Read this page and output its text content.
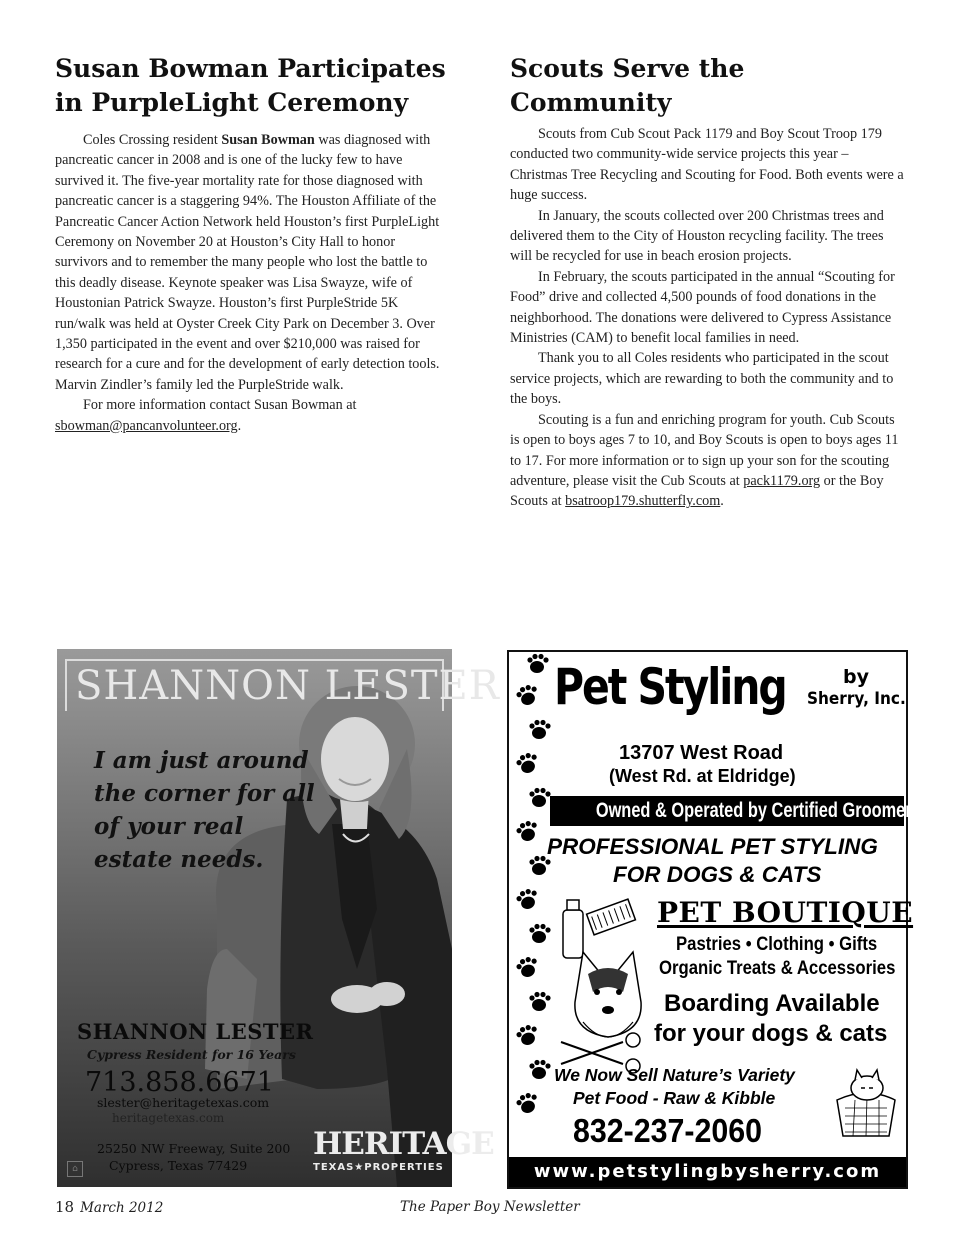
Susan Bowman Participates in PurpleLight Ceremony

Coles Crossing resident Susan Bowman was diagnosed with pancreatic cancer in 2008 and is one of the lucky few to have survived it. The five-year mortality rate for those diagnosed with pancreatic cancer is a staggering 94%. The Houston Affiliate of the Pancreatic Cancer Action Network held Houston’s first PurpleLight Ceremony on November 20 at Houston’s City Hall to honor survivors and to remember the many people who lost the battle to this deadly disease. Keynote speaker was Lisa Swayze, wife of Houstonian Patrick Swayze. Houston’s first PurpleStride 5K run/walk was held at Oyster Creek City Park on December 3. Over 1,350 participated in the event and over $210,000 was raised for research for a cure and for the development of early detection tools. Marvin Zindler’s family led the PurpleStride walk.

For more information contact Susan Bowman at sbowman@pancanvolunteer.org.

Scouts Serve the Community

Scouts from Cub Scout Pack 1179 and Boy Scout Troop 179 conducted two community-wide service projects this year – Christmas Tree Recycling and Scouting for Food. Both events were a huge success.

In January, the scouts collected over 200 Christmas trees and delivered them to the City of Houston recycling facility. The trees will be recycled for use in beach erosion projects.

In February, the scouts participated in the annual “Scouting for Food” drive and collected 4,500 pounds of food donations in the neighborhood. The donations were delivered to Cypress Assistance Ministries (CAM) to benefit local families in need.

Thank you to all Coles residents who participated in the scout service projects, which are rewarding to both the community and to the boys.

Scouting is a fun and enriching program for youth. Cub Scouts is open to boys ages 7 to 10, and Boy Scouts is open to boys ages 11 to 17. For more information or to sign up your son for the scouting adventure, please visit the Cub Scouts at pack1179.org or the Boy Scouts at bsatroop179.shutterfly.com.

SHANNON LESTER
I am just around the corner for all of your real estate needs.
SHANNON LESTER
Cypress Resident for 16 Years
713.858.6671
slester@heritagetexas.com
heritagetexas.com
25250 NW Freeway, Suite 200
Cypress, Texas 77429
HERITAGE
TEXAS★PROPERTIES
⌂
Pet Styling	by
Sherry, Inc.
13707 West Road
(West Rd. at Eldridge)
Owned & Operated by Certified Groomers
PROFESSIONAL PET STYLING
FOR DOGS & CATS
PET BOUTIQUE
Pastries • Clothing • Gifts
Organic Treats & Accessories
Boarding Available
for your dogs & cats
We Now Sell Nature’s Variety
Pet Food - Raw & Kibble
832-237-2060
www.petstylingbysherry.com
18 March 2012	The Paper Boy Newsletter
